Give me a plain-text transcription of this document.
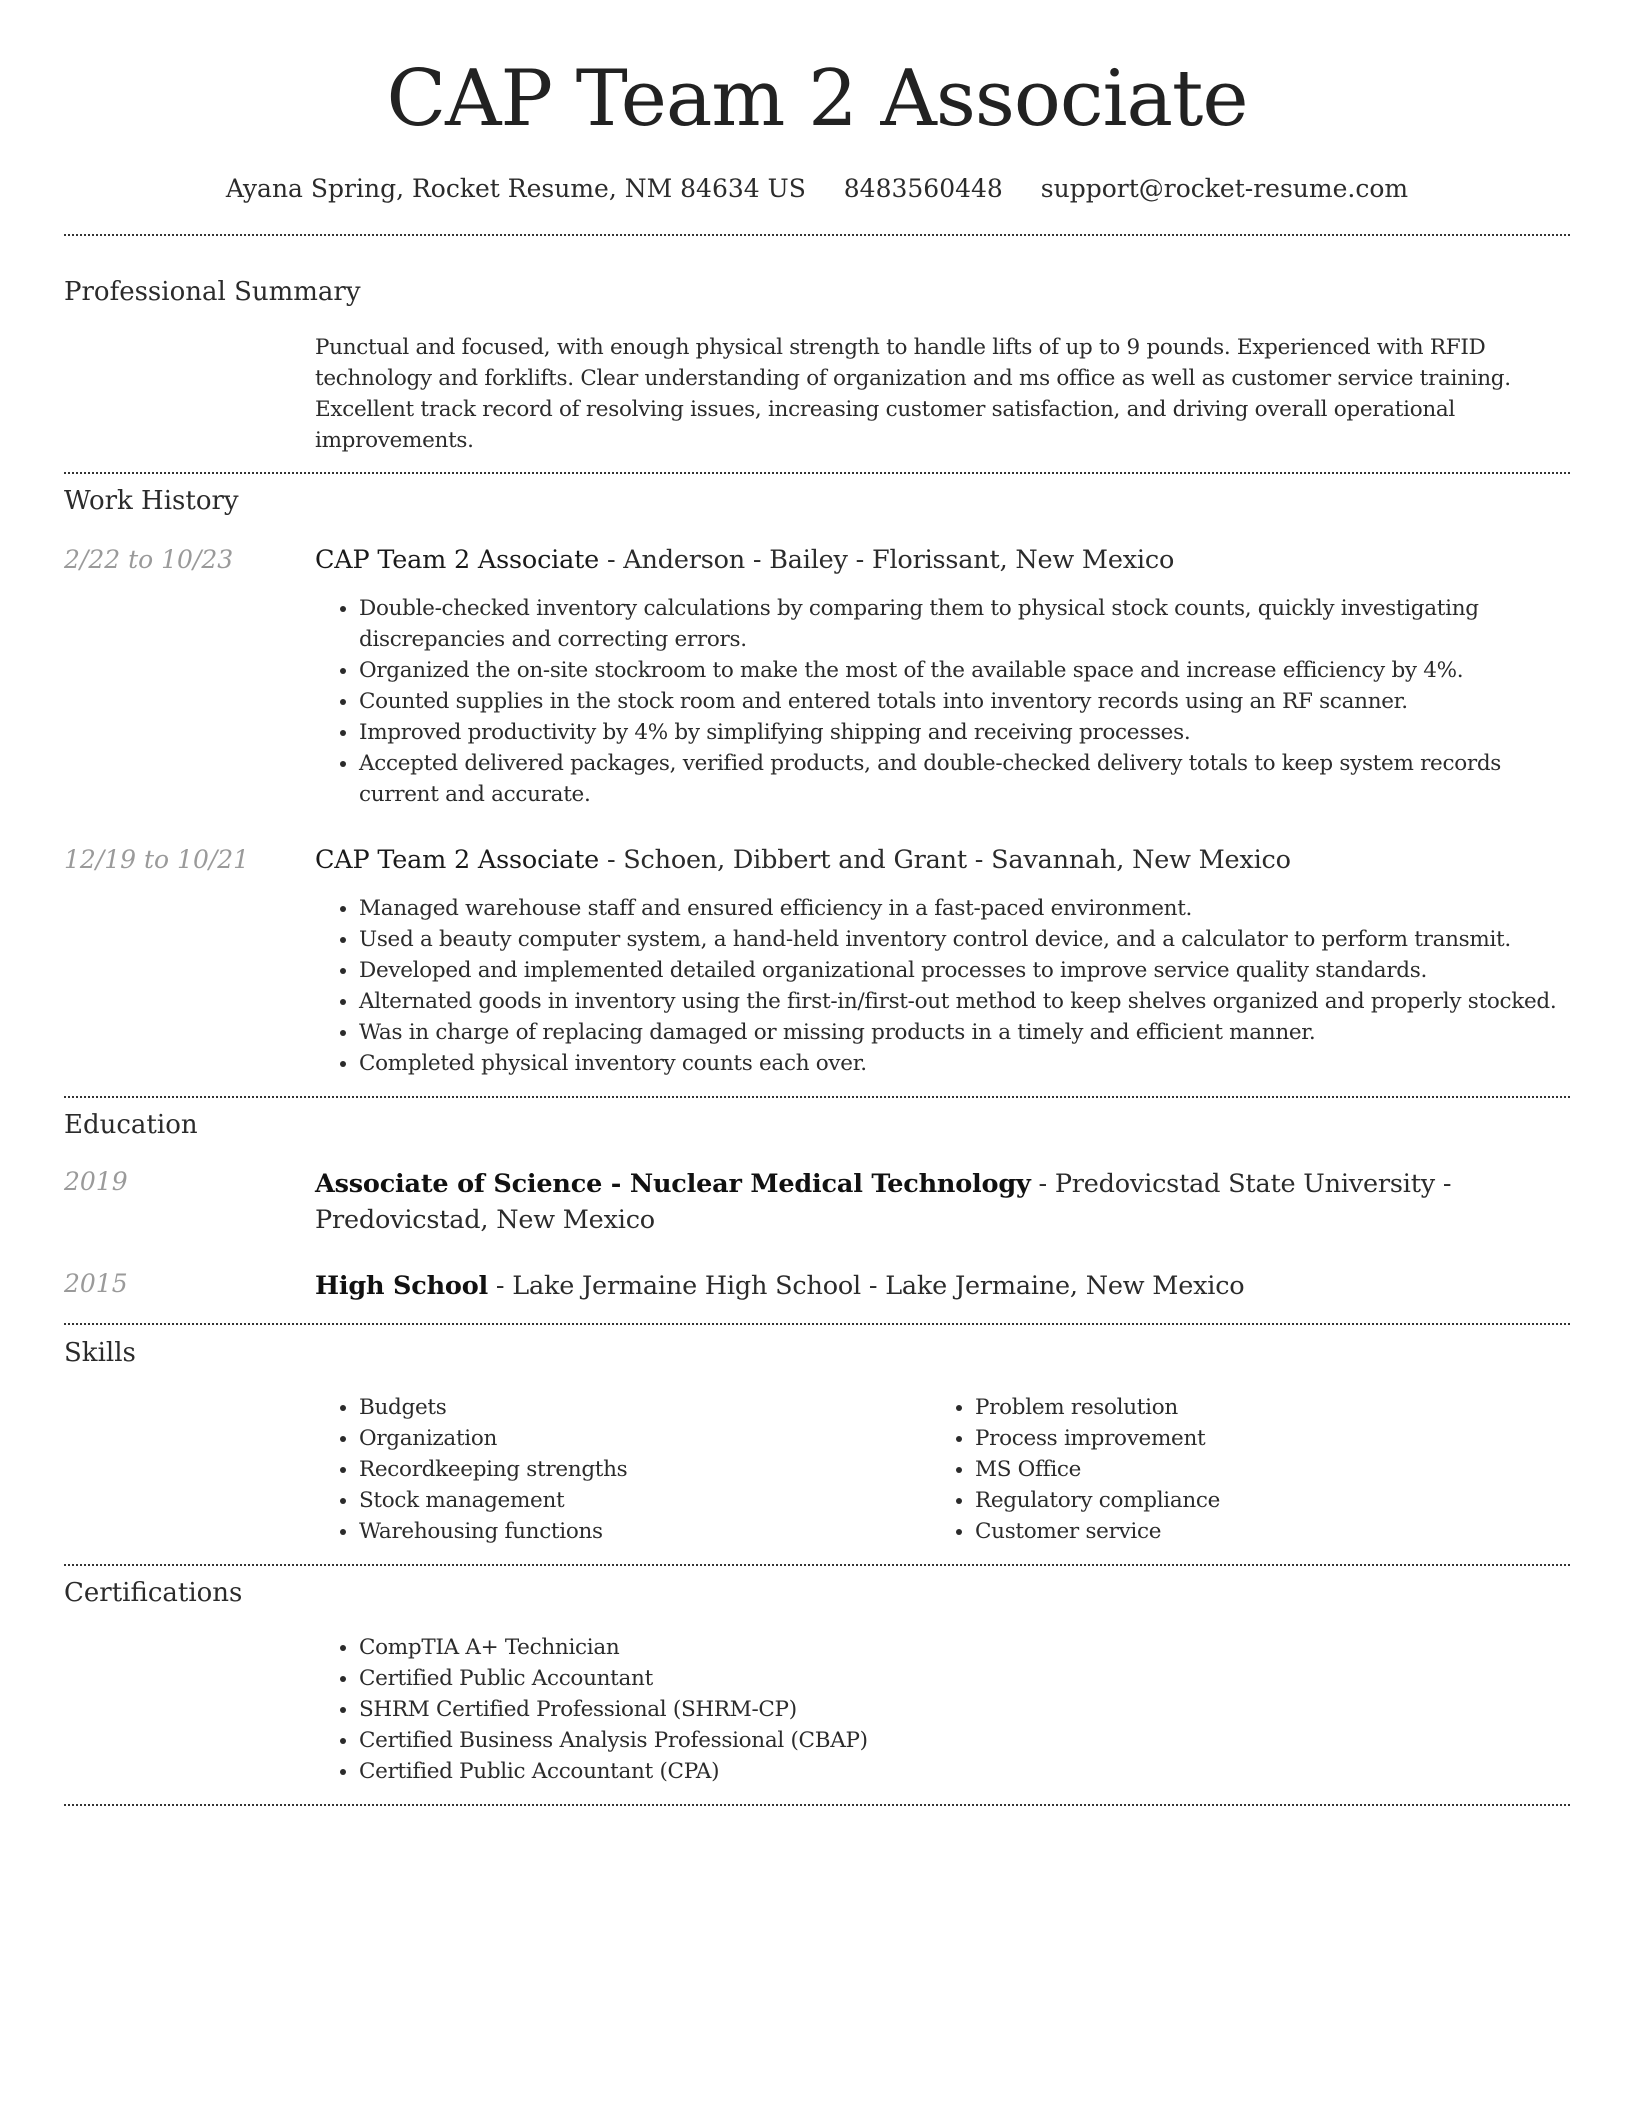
CAP Team 2 Associate
Ayana Spring, Rocket Resume, NM 84634 US 8483560448 support@rocket-resume.com
Professional Summary
Punctual and focused, with enough physical strength to handle lifts of up to 9 pounds. Experienced with RFID technology and forklifts. Clear understanding of organization and ms office as well as customer service training. Excellent track record of resolving issues, increasing customer satisfaction, and driving overall operational improvements.
Work History
2/22 to 10/23	CAP Team 2 Associate - Anderson - Bailey - Florissant, New Mexico
• Double-checked inventory calculations by comparing them to physical stock counts, quickly investigating discrepancies and correcting errors.
• Organized the on-site stockroom to make the most of the available space and increase efficiency by 4%.
• Counted supplies in the stock room and entered totals into inventory records using an RF scanner.
• Improved productivity by 4% by simplifying shipping and receiving processes.
• Accepted delivered packages, verified products, and double-checked delivery totals to keep system records current and accurate.
12/19 to 10/21	CAP Team 2 Associate - Schoen, Dibbert and Grant - Savannah, New Mexico
• Managed warehouse staff and ensured efficiency in a fast-paced environment.
• Used a beauty computer system, a hand-held inventory control device, and a calculator to perform transmit.
• Developed and implemented detailed organizational processes to improve service quality standards.
• Alternated goods in inventory using the first-in/first-out method to keep shelves organized and properly stocked.
• Was in charge of replacing damaged or missing products in a timely and efficient manner.
• Completed physical inventory counts each over.
Education
2019	Associate of Science - Nuclear Medical Technology - Predovicstad State University - Predovicstad, New Mexico
2015	High School - Lake Jermaine High School - Lake Jermaine, New Mexico
Skills
• Budgets
• Organization
• Recordkeeping strengths
• Stock management
• Warehousing functions
• Problem resolution
• Process improvement
• MS Office
• Regulatory compliance
• Customer service
Certifications
• CompTIA A+ Technician
• Certified Public Accountant
• SHRM Certified Professional (SHRM-CP)
• Certified Business Analysis Professional (CBAP)
• Certified Public Accountant (CPA)
